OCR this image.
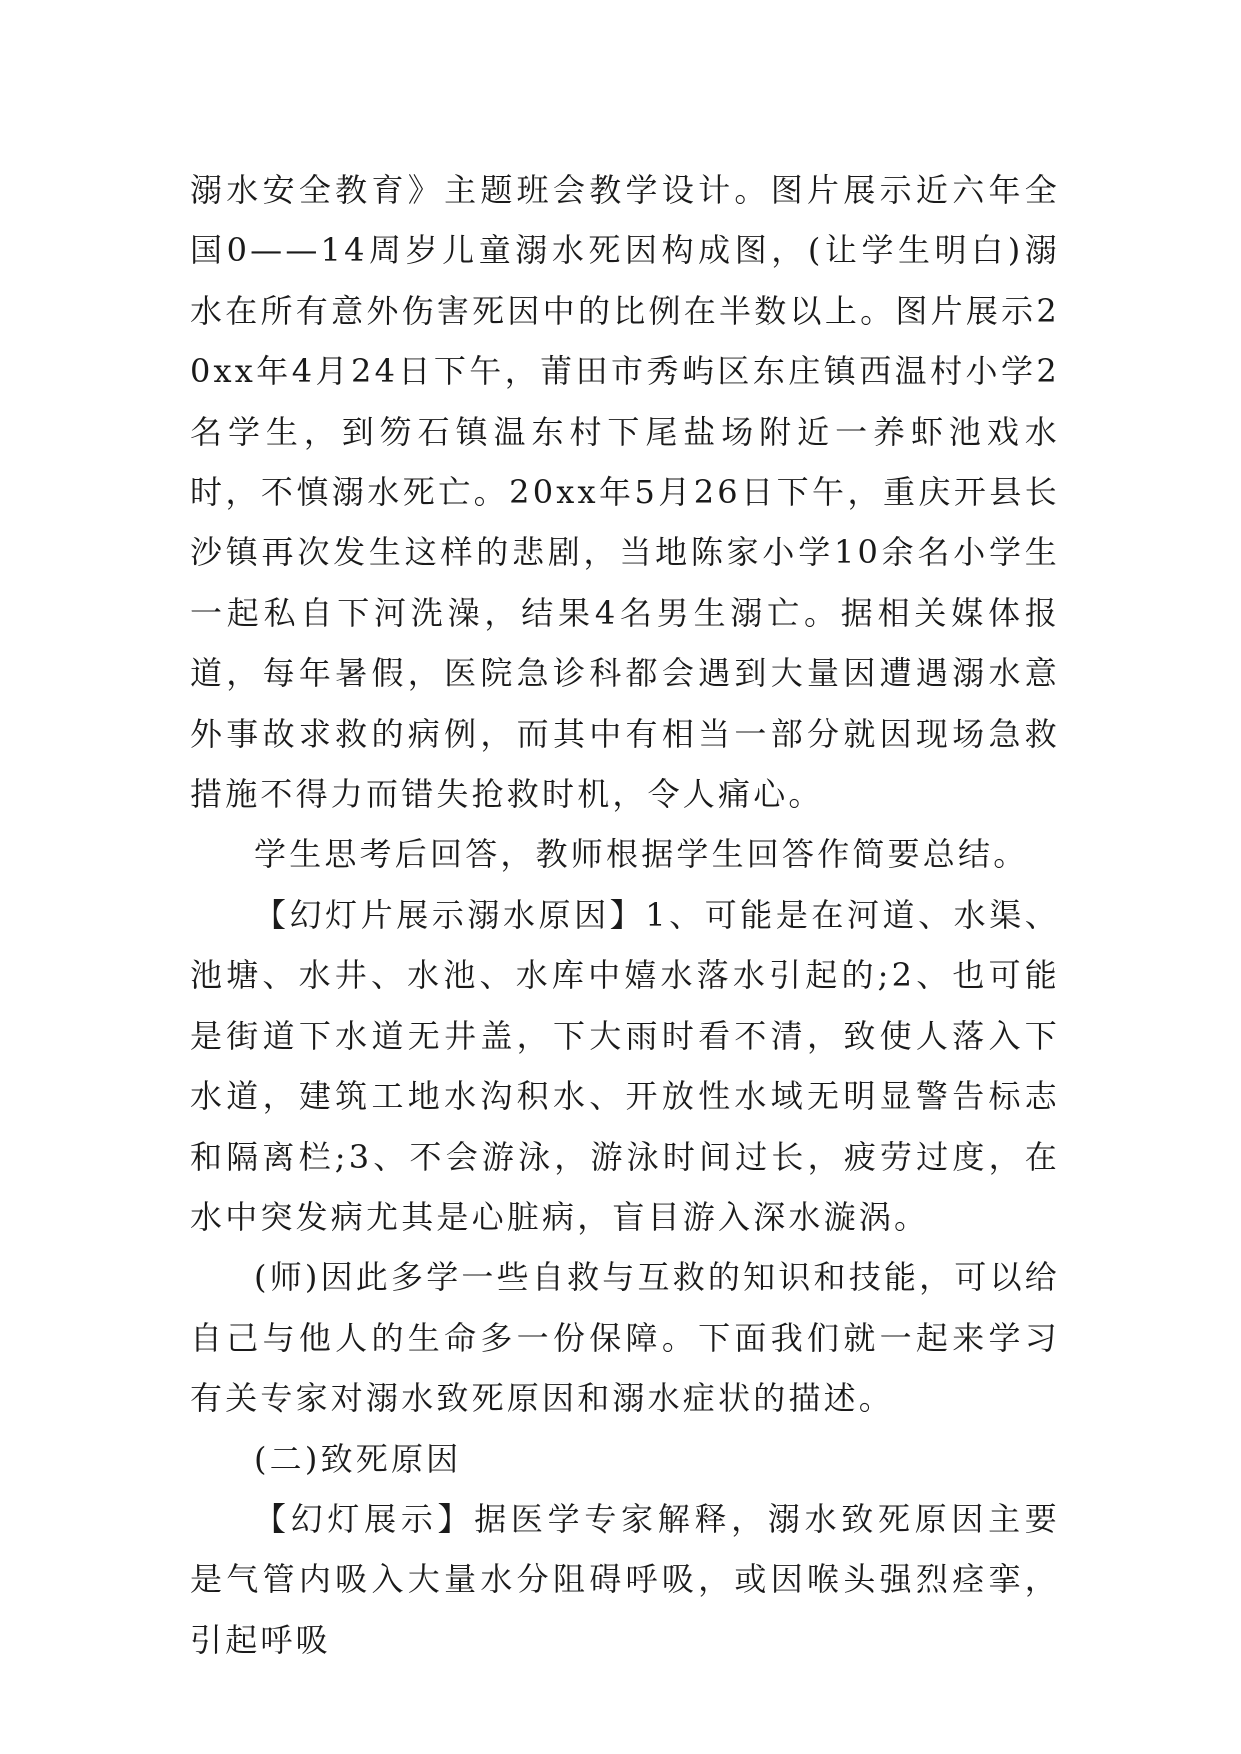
溺水安全教育》主题班会教学设计。图片展示近六年全国0——14周岁儿童溺水死因构成图，(让学生明白)溺水在所有意外伤害死因中的比例在半数以上。图片展示20xx年4月24日下午，莆田市秀屿区东庄镇西温村小学2名学生，到笏石镇温东村下尾盐场附近一养虾池戏水时，不慎溺水死亡。20xx年5月26日下午，重庆开县长沙镇再次发生这样的悲剧，当地陈家小学10余名小学生一起私自下河洗澡，结果4名男生溺亡。据相关媒体报道，每年暑假，医院急诊科都会遇到大量因遭遇溺水意外事故求救的病例，而其中有相当一部分就因现场急救措施不得力而错失抢救时机，令人痛心。

学生思考后回答，教师根据学生回答作简要总结。

【幻灯片展示溺水原因】1、可能是在河道、水渠、池塘、水井、水池、水库中嬉水落水引起的;2、也可能是街道下水道无井盖，下大雨时看不清，致使人落入下水道，建筑工地水沟积水、开放性水域无明显警告标志和隔离栏;3、不会游泳，游泳时间过长，疲劳过度，在水中突发病尤其是心脏病，盲目游入深水漩涡。

(师)因此多学一些自救与互救的知识和技能，可以给自己与他人的生命多一份保障。下面我们就一起来学习有关专家对溺水致死原因和溺水症状的描述。

(二)致死原因

【幻灯展示】据医学专家解释，溺水致死原因主要是气管内吸入大量水分阻碍呼吸，或因喉头强烈痉挛，引起呼吸
